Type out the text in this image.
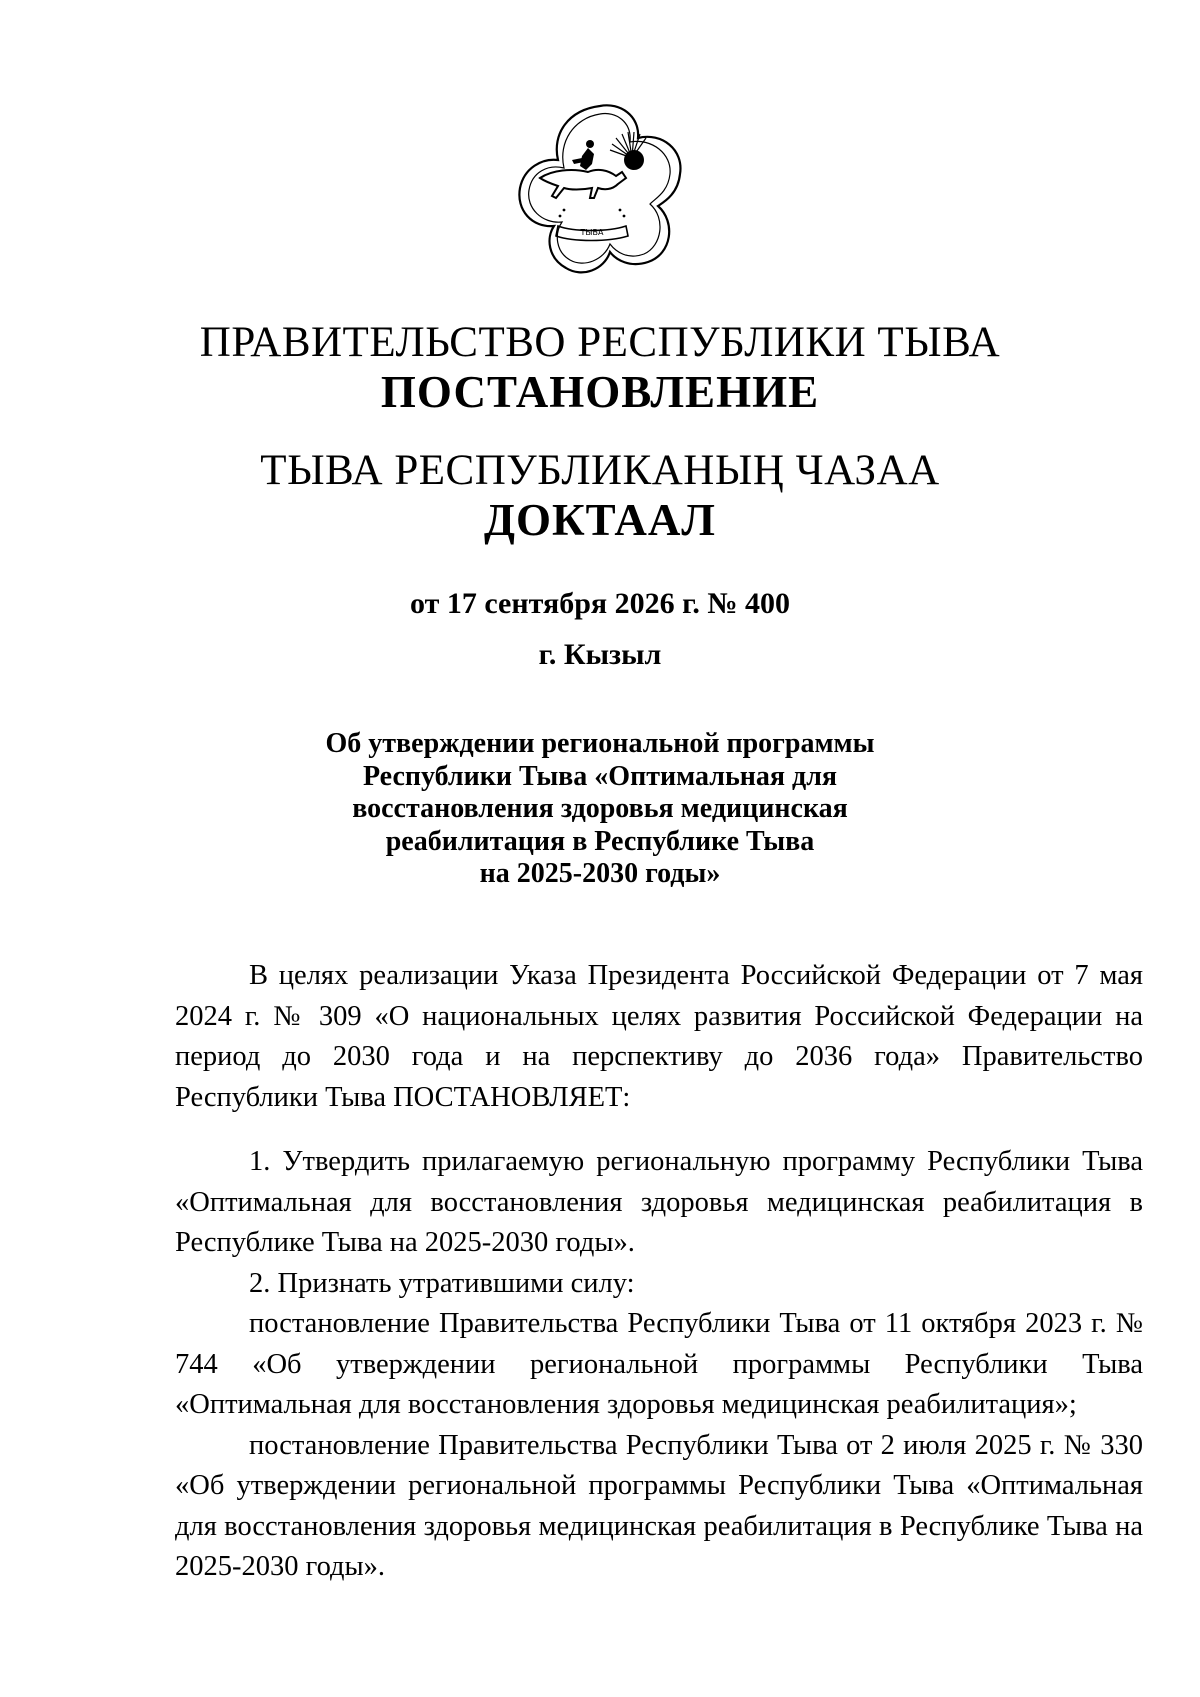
ТЫВА
ПРАВИТЕЛЬСТВО РЕСПУБЛИКИ ТЫВА
ПОСТАНОВЛЕНИЕ
ТЫВА РЕСПУБЛИКАНЫҢ ЧАЗАА
ДОКТААЛ
от 17 сентября 2026 г. № 400
г. Кызыл
Об утверждении региональной программы
Республики Тыва «Оптимальная для
восстановления здоровья медицинская
реабилитация в Республике Тыва
на 2025-2030 годы»

В целях реализации Указа Президента Российской Федерации от 7 мая 2024 г. № 309 «О национальных целях развития Российской Федерации на период до 2030 года и на перспективу до 2036 года» Правительство Республики Тыва ПОСТАНОВЛЯЕТ:

1. Утвердить прилагаемую региональную программу Республики Тыва «Оптимальная для восстановления здоровья медицинская реабилитация в Республике Тыва на 2025-2030 годы».

2. Признать утратившими силу:

постановление Правительства Республики Тыва от 11 октября 2023 г. № 744 «Об утверждении региональной программы Республики Тыва «Оптимальная для восстановления здоровья медицинская реабилитация»;

постановление Правительства Республики Тыва от 2 июля 2025 г. № 330 «Об утверждении региональной программы Республики Тыва «Оптимальная для восстановления здоровья медицинская реабилитация в Республике Тыва на 2025-2030 годы».
